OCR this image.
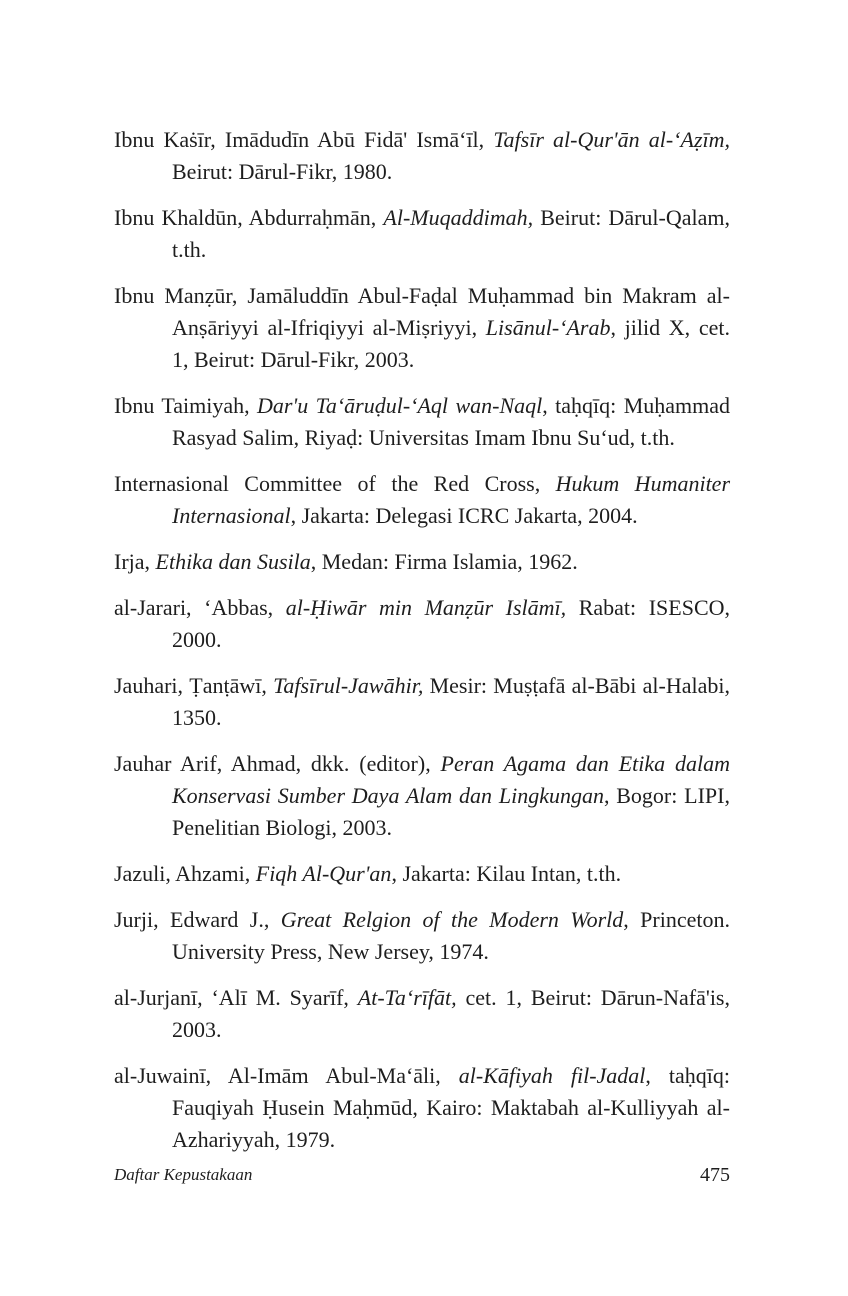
Ibnu Kaṡīr, Imādudīn Abū Fidā' Ismā‘īl, Tafsīr al-Qur'ān al-‘Aẓīm, Beirut: Dārul-Fikr, 1980.

Ibnu Khaldūn, Abdurraḥmān, Al-Muqaddimah, Beirut: Dārul-Qalam, t.th.

Ibnu Manẓūr, Jamāluddīn Abul-Faḍal Muḥammad bin Makram al-Anṣāriyyi al-Ifriqiyyi al-Miṣriyyi, Lisānul-‘Arab, jilid X, cet. 1, Beirut: Dārul-Fikr, 2003.

Ibnu Taimiyah, Dar'u Ta‘āruḍul-‘Aql wan-Naql, taḥqīq: Muḥammad Rasyad Salim, Riyaḍ: Universitas Imam Ibnu Su‘ud, t.th.

Internasional Committee of the Red Cross, Hukum Humaniter Internasional, Jakarta: Delegasi ICRC Jakarta, 2004.

Irja, Ethika dan Susila, Medan: Firma Islamia, 1962.

al-Jarari, ‘Abbas, al-Ḥiwār min Manẓūr Islāmī, Rabat: ISESCO, 2000.

Jauhari, Ṭanṭāwī, Tafsīrul-Jawāhir, Mesir: Muṣṭafā al-Bābi al-Halabi, 1350.

Jauhar Arif, Ahmad, dkk. (editor), Peran Agama dan Etika dalam Konservasi Sumber Daya Alam dan Lingkungan, Bogor: LIPI, Penelitian Biologi, 2003.

Jazuli, Ahzami, Fiqh Al-Qur'an, Jakarta: Kilau Intan, t.th.

Jurji, Edward J., Great Relgion of the Modern World, Princeton. University Press, New Jersey, 1974.

al-Jurjanī, ‘Alī M. Syarīf, At-Ta‘rīfāt, cet. 1, Beirut: Dārun-Nafā'is, 2003.

al-Juwainī, Al-Imām Abul-Ma‘āli, al-Kāfiyah fil-Jadal, taḥqīq: Fauqiyah Ḥusein Maḥmūd, Kairo: Maktabah al-Kulliyyah al-Azhariyyah, 1979.

Daftar Kepustakaan	475
